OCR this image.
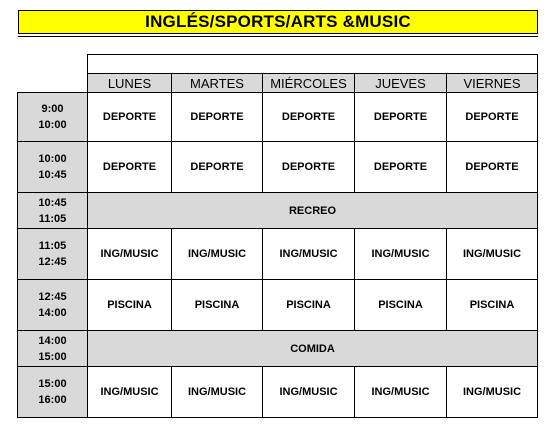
INGLÉS/SPORTS/ARTS &MUSIC

	LUNES	MARTES	MIÉRCOLES	JUEVES	VIERNES

9:00
10:00	DEPORTE	DEPORTE	DEPORTE	DEPORTE	DEPORTE

10:00
10:45	DEPORTE	DEPORTE	DEPORTE	DEPORTE	DEPORTE

10:45
11:05	RECREO				

11:05
12:45	ING/MUSIC	ING/MUSIC	ING/MUSIC	ING/MUSIC	ING/MUSIC

12:45
14:00	PISCINA	PISCINA	PISCINA	PISCINA	PISCINA

14:00
15:00	COMIDA				

15:00
16:00	ING/MUSIC	ING/MUSIC	ING/MUSIC	ING/MUSIC	ING/MUSIC
